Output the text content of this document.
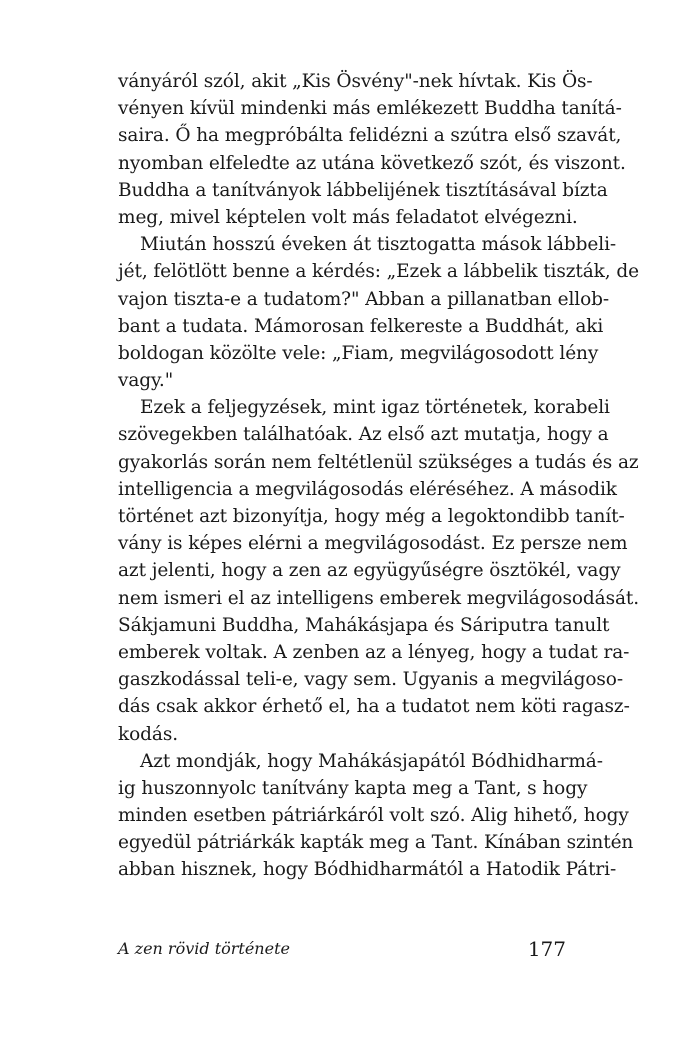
ványáról szól, akit „Kis Ösvény"-nek hívtak. Kis Ös-
vényen kívül mindenki más emlékezett Buddha tanítá-
saira. Ő ha megpróbálta felidézni a szútra első szavát,
nyomban elfeledte az utána következő szót, és viszont.
Buddha a tanítványok lábbelijének tisztításával bízta
meg, mivel képtelen volt más feladatot elvégezni.
Miután hosszú éveken át tisztogatta mások lábbeli-
jét, felötlött benne a kérdés: „Ezek a lábbelik tiszták, de
vajon tiszta-e a tudatom?" Abban a pillanatban ellob-
bant a tudata. Mámorosan felkereste a Buddhát, aki
boldogan közölte vele: „Fiam, megvilágosodott lény
vagy."
Ezek a feljegyzések, mint igaz történetek, korabeli
szövegekben találhatóak. Az első azt mutatja, hogy a
gyakorlás során nem feltétlenül szükséges a tudás és az
intelligencia a megvilágosodás eléréséhez. A második
történet azt bizonyítja, hogy még a legoktondibb tanít-
vány is képes elérni a megvilágosodást. Ez persze nem
azt jelenti, hogy a zen az együgyűségre ösztökél, vagy
nem ismeri el az intelligens emberek megvilágosodását.
Sákjamuni Buddha, Mahákásjapa és Sáriputra tanult
emberek voltak. A zenben az a lényeg, hogy a tudat ra-
gaszkodással teli-e, vagy sem. Ugyanis a megvilágoso-
dás csak akkor érhető el, ha a tudatot nem köti ragasz-
kodás.
Azt mondják, hogy Mahákásjapától Bódhidharmá-
ig huszonnyolc tanítvány kapta meg a Tant, s hogy
minden esetben pátriárkáról volt szó. Alig hihető, hogy
egyedül pátriárkák kapták meg a Tant. Kínában szintén
abban hisznek, hogy Bódhidharmától a Hatodik Pátri-
A zen rövid története	177
